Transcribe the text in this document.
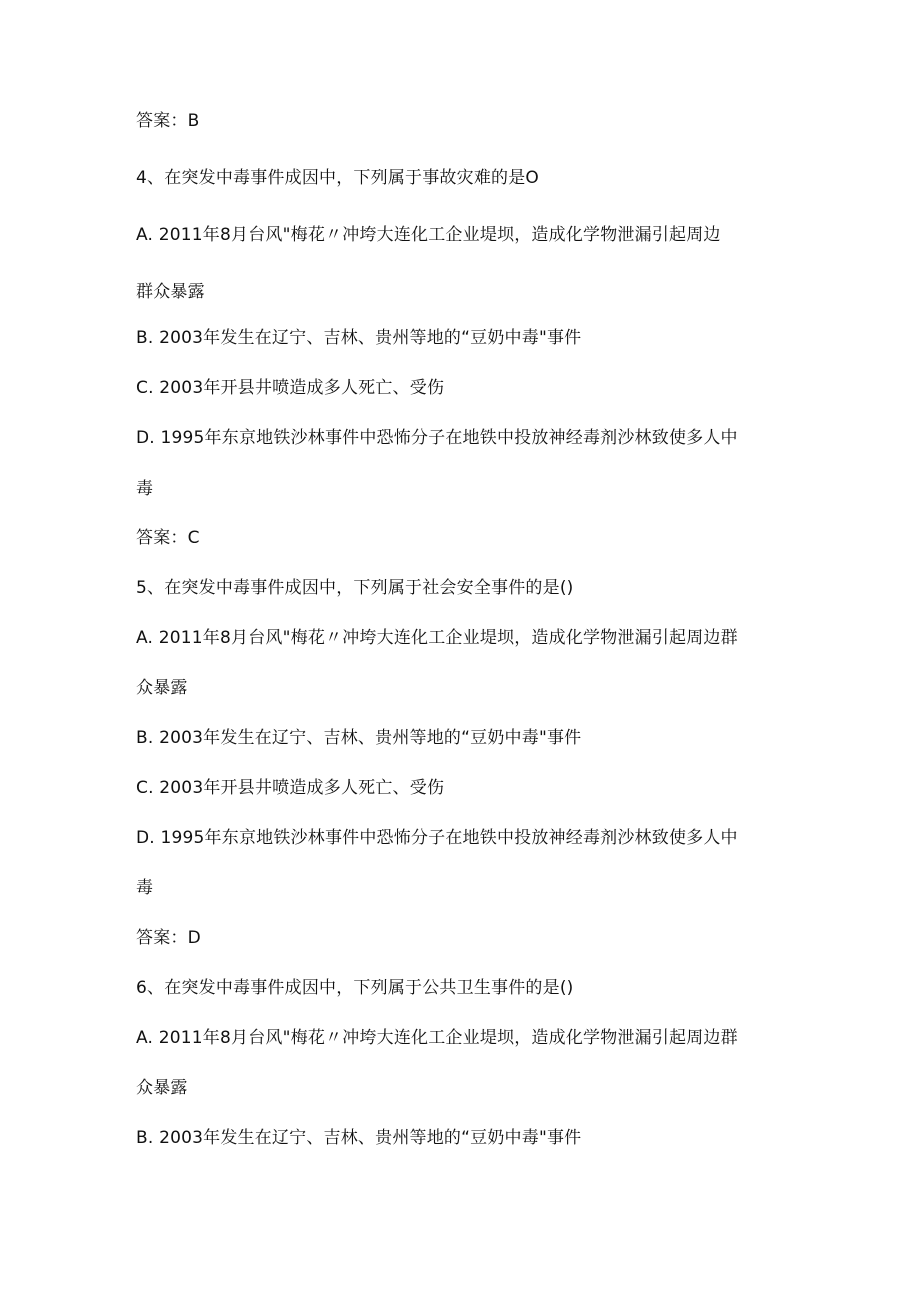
答案：B
4、在突发中毒事件成因中，下列属于事故灾难的是O
A. 2011年8月台风"梅花〃冲垮大连化工企业堤坝，造成化学物泄漏引起周边
群众暴露
B. 2003年发生在辽宁、吉林、贵州等地的“豆奶中毒"事件
C. 2003年开县井喷造成多人死亡、受伤
D. 1995年东京地铁沙林事件中恐怖分子在地铁中投放神经毒剂沙林致使多人中
毒
答案：C
5、在突发中毒事件成因中，下列属于社会安全事件的是()
A. 2011年8月台风"梅花〃冲垮大连化工企业堤坝，造成化学物泄漏引起周边群
众暴露
B. 2003年发生在辽宁、吉林、贵州等地的“豆奶中毒"事件
C. 2003年开县井喷造成多人死亡、受伤
D. 1995年东京地铁沙林事件中恐怖分子在地铁中投放神经毒剂沙林致使多人中
毒
答案：D
6、在突发中毒事件成因中，下列属于公共卫生事件的是()
A. 2011年8月台风"梅花〃冲垮大连化工企业堤坝，造成化学物泄漏引起周边群
众暴露
B. 2003年发生在辽宁、吉林、贵州等地的“豆奶中毒"事件
